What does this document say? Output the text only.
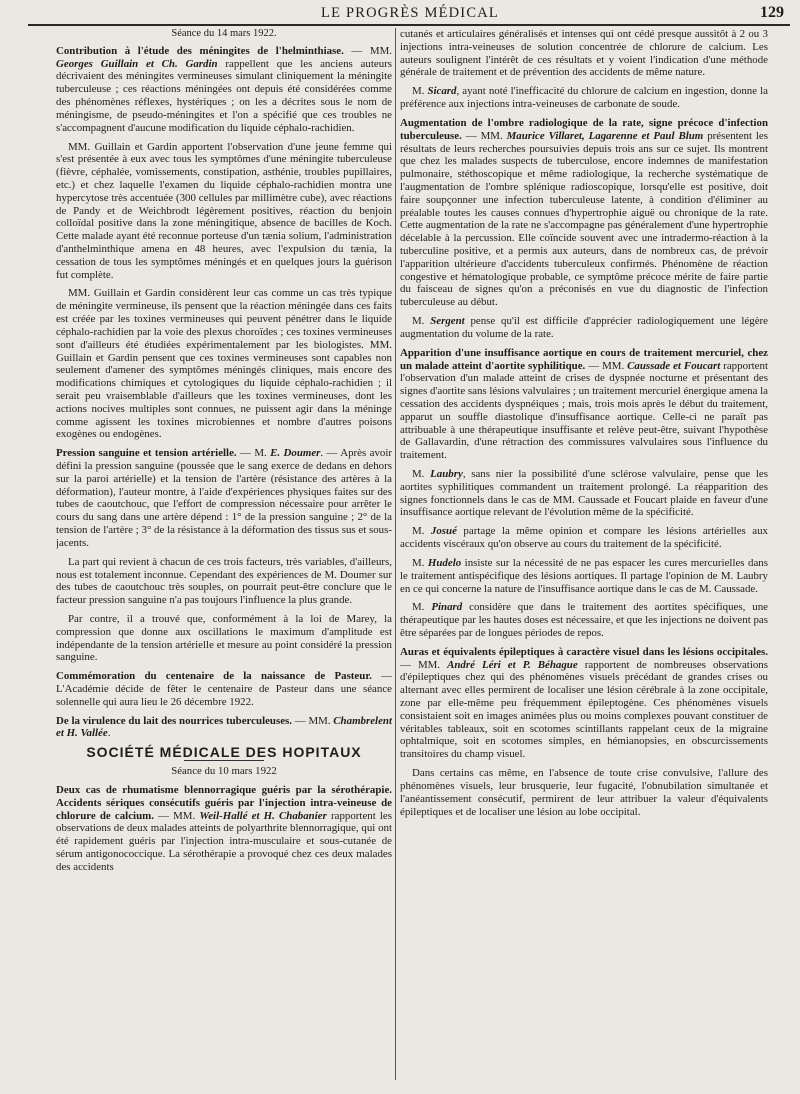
LE PROGRÈS MÉDICAL	129
Séance du 14 mars 1922.

Contribution à l'étude des méningites de l'helminthiase. — MM. Georges Guillain et Ch. Gardin rappellent que les anciens auteurs décrivaient des méningites vermineuses simulant cliniquement la méningite tuberculeuse ; ces réactions méningées ont depuis été considérées comme des phénomènes réflexes, hystériques ; on les a décrites sous le nom de méningisme, de pseudo-méningites et l'on a spécifié que ces troubles ne s'accompagnent d'aucune modification du liquide céphalo-rachidien.

MM. Guillain et Gardin apportent l'observation d'une jeune femme qui s'est présentée à eux avec tous les symptômes d'une méningite tuberculeuse (fièvre, céphalée, vomissements, constipation, asthénie, troubles pupillaires, etc.) et chez laquelle l'examen du liquide céphalo-rachidien montra une hypercytose très accentuée (300 cellules par millimètre cube), avec réactions de Pandy et de Weichbrodt légèrement positives, réaction du benjoin colloïdal positive dans la zone méningitique, absence de bacilles de Koch. Cette malade ayant été reconnue porteuse d'un tænia solium, l'administration d'anthelminthique amena en 48 heures, avec l'expulsion du tænia, la cessation de tous les symptômes méningés et en quelques jours la guérison fut complète.

MM. Guillain et Gardin considèrent leur cas comme un cas très typique de méningite vermineuse, ils pensent que la réaction méningée dans ces faits est créée par les toxines vermineuses qui peuvent pénétrer dans le liquide céphalo-rachidien par la voie des plexus choroïdes ; ces toxines vermineuses sont d'ailleurs été étudiées expérimentalement par les biologistes. MM. Guillain et Gardin pensent que ces toxines vermineuses sont capables non seulement d'amener des symptômes méningés cliniques, mais encore des modifications chimiques et cytologiques du liquide céphalo-rachidien ; il serait peu vraisemblable d'ailleurs que les toxines vermineuses, dont les actions nocives multiples sont connues, ne puissent agir dans la méninge comme agissent les toxines microbiennes et nombre d'autres poisons exogènes ou endogènes.

Pression sanguine et tension artérielle. — M. E. Doumer. — Après avoir défini la pression sanguine (poussée que le sang exerce de dedans en dehors sur la paroi artérielle) et la tension de l'artère (résistance des artères à la déformation), l'auteur montre, à l'aide d'expériences physiques faites sur des tubes de caoutchouc, que l'effort de compression nécessaire pour arrêter le cours du sang dans une artère dépend : 1° de la pression sanguine ; 2° de la tension de l'artère ; 3° de la résistance à la déformation des tissus sus et sous-jacents.

La part qui revient à chacun de ces trois facteurs, très variables, d'ailleurs, nous est totalement inconnue. Cependant des expériences de M. Doumer sur des tubes de caoutchouc très souples, on pourrait peut-être conclure que le facteur pression sanguine n'a pas toujours l'influence la plus grande.

Par contre, il a trouvé que, conformément à la loi de Marey, la compression que donne aux oscillations le maximum d'amplitude est indépendante de la tension artérielle et mesure au point considéré la pression sanguine.

Commémoration du centenaire de la naissance de Pasteur. — L'Académie décide de fêter le centenaire de Pasteur dans une séance solennelle qui aura lieu le 26 décembre 1922.

De la virulence du lait des nourrices tuberculeuses. — MM. Chambrelent et H. Vallée.

SOCIÉTÉ MÉDICALE DES HOPITAUX
Séance du 10 mars 1922

Deux cas de rhumatisme blennorragique guéris par la sérothérapie. Accidents sériques consécutifs guéris par l'injection intra-veineuse de chlorure de calcium. — MM. Weil-Hallé et H. Chabanier rapportent les observations de deux malades atteints de polyarthrite blennorragique, qui ont été rapidement guéris par l'injection intra-musculaire et sous-cutanée de sérum antigonococcique. La sérothérapie a provoqué chez ces deux malades des accidents

cutanés et articulaires généralisés et intenses qui ont cédé presque aussitôt à 2 ou 3 injections intra-veineuses de solution concentrée de chlorure de calcium. Les auteurs soulignent l'intérêt de ces résultats et y voient l'indication d'une méthode générale de traitement et de prévention des accidents de même nature.

M. Sicard, ayant noté l'inefficacité du chlorure de calcium en ingestion, donne la préférence aux injections intra-veineuses de carbonate de soude.

Augmentation de l'ombre radiologique de la rate, signe précoce d'infection tuberculeuse. — MM. Maurice Villaret, Lagarenne et Paul Blum présentent les résultats de leurs recherches poursuivies depuis trois ans sur ce sujet. Ils montrent que chez les malades suspects de tuberculose, encore indemnes de manifestation pulmonaire, stéthoscopique et même radiologique, la recherche systématique de l'augmentation de l'ombre splénique radioscopique, lorsqu'elle est positive, doit faire soupçonner une infection tuberculeuse latente, à condition d'éliminer au préalable toutes les causes connues d'hypertrophie aiguë ou chronique de la rate. Cette augmentation de la rate ne s'accompagne pas généralement d'une hypertrophie décelable à la percussion. Elle coïncide souvent avec une intradermo-réaction à la tuberculine positive, et a permis aux auteurs, dans de nombreux cas, de prévoir l'apparition ultérieure d'accidents tuberculeux confirmés. Phénomène de réaction congestive et hématologique probable, ce symptôme précoce mérite de faire partie du faisceau de signes qu'on a préconisés en vue du diagnostic de l'infection tuberculeuse au début.

M. Sergent pense qu'il est difficile d'apprécier radiologiquement une légère augmentation du volume de la rate.

Apparition d'une insuffisance aortique en cours de traitement mercuriel, chez un malade atteint d'aortite syphilitique. — MM. Caussade et Foucart rapportent l'observation d'un malade atteint de crises de dyspnée nocturne et présentant des signes d'aortite sans lésions valvulaires ; un traitement mercuriel énergique amena la cessation des accidents dyspnéiques ; mais, trois mois après le début du traitement, apparut un souffle diastolique d'insuffisance aortique. Celle-ci ne paraît pas attribuable à une thérapeutique insuffisante et relève peut-être, suivant l'hypothèse de Gallavardin, d'une rétraction des commissures valvulaires sous l'influence du traitement.

M. Laubry, sans nier la possibilité d'une sclérose valvulaire, pense que les aortites syphilitiques commandent un traitement prolongé. La réapparition des signes fonctionnels dans le cas de MM. Caussade et Foucart plaide en faveur d'une insuffisance aortique relevant de l'évolution même de la spécificité.

M. Josué partage la même opinion et compare les lésions artérielles aux accidents viscéraux qu'on observe au cours du traitement de la spécificité.

M. Hudelo insiste sur la nécessité de ne pas espacer les cures mercurielles dans le traitement antispécifique des lésions aortiques. Il partage l'opinion de M. Laubry en ce qui concerne la nature de l'insuffisance aortique dans le cas de M. Caussade.

M. Pinard considère que dans le traitement des aortites spécifiques, une thérapeutique par les hautes doses est nécessaire, et que les injections ne doivent pas être séparées par de longues périodes de repos.

Auras et équivalents épileptiques à caractère visuel dans les lésions occipitales. — MM. André Léri et P. Béhague rapportent de nombreuses observations d'épileptiques chez qui des phénomènes visuels précédant de grandes crises ou alternant avec elles permirent de localiser une lésion cérébrale à la zone occipitale, zone par elle-même peu fréquemment épileptogène. Ces phénomènes visuels consistaient soit en images animées plus ou moins complexes pouvant constituer de véritables tableaux, soit en scotomes scintillants rappelant ceux de la migraine ophtalmique, soit en scotomes simples, en hémianopsies, en obscurcissements transitoires du champ visuel.

Dans certains cas même, en l'absence de toute crise convulsive, l'allure des phénomènes visuels, leur brusquerie, leur fugacité, l'obnubilation simultanée et l'anéantissement consécutif, permirent de leur attribuer la valeur d'équivalents épileptiques et de localiser une lésion au lobe occipital.
